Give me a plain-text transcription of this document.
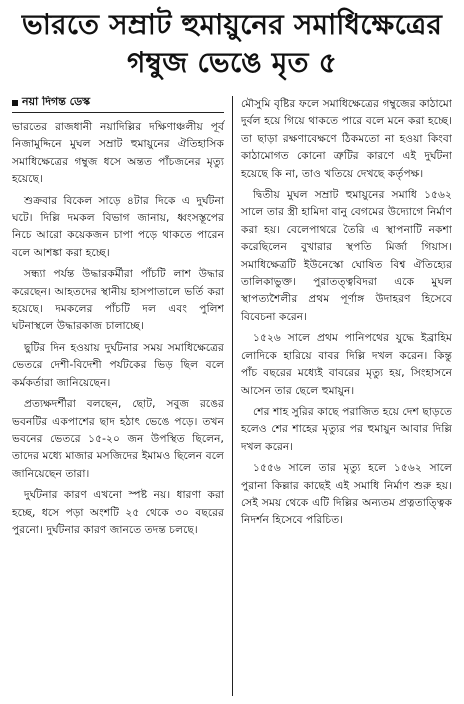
ভারতে সম্রাট হুমায়ুনের সমাধিক্ষেত্রের
গম্বুজ ভেঙে মৃত ৫
নয়া দিগন্ত ডেস্ক

ভারতের রাজধানী নয়াদিল্লির দক্ষিণাঞ্চলীয় পূর্ব নিজামুদ্দিনে মুঘল সম্রাট হুমায়ুনের ঐতিহাসিক সমাধিক্ষেত্রের গম্বুজ ধসে অন্তত পাঁচজনের মৃত্যু হয়েছে।

শুক্রবার বিকেল সাড়ে ৪টার দিকে এ দুর্ঘটনা ঘটে। দিল্লি দমকল বিভাগ জানায়, ধ্বংসস্তূপের নিচে আরো কয়েকজন চাপা পড়ে থাকতে পারেন বলে আশঙ্কা করা হচ্ছে।

সন্ধ্যা পর্যন্ত উদ্ধারকর্মীরা পাঁচটি লাশ উদ্ধার করেছেন। আহতদের স্থানীয় হাসপাতালে ভর্তি করা হয়েছে। দমকলের পাঁচটি দল এবং পুলিশ ঘটনাস্থলে উদ্ধারকাজ চালাচ্ছে।

ছুটির দিন হওয়ায় দুর্ঘটনার সময় সমাধিক্ষেত্রের ভেতরে দেশী-বিদেশী পর্যটকের ভিড় ছিল বলে কর্মকর্তারা জানিয়েছেন।

প্রত্যক্ষদর্শীরা বলছেন, ছোট, সবুজ রঙের ভবনটির একপাশের ছাদ হঠাৎ ভেঙে পড়ে। তখন ভবনের ভেতরে ১৫-২০ জন উপস্থিত ছিলেন, তাদের মধ্যে মাজার মসজিদের ইমামও ছিলেন বলে জানিয়েছেন তারা।

দুর্ঘটনার কারণ এখনো স্পষ্ট নয়। ধারণা করা হচ্ছে, ধসে পড়া অংশটি ২৫ থেকে ৩০ বছরের পুরনো। দুর্ঘটনার কারণ জানতে তদন্ত চলছে।

মৌসুমি বৃষ্টির ফলে সমাধিক্ষেত্রের গম্বুজের কাঠামো দুর্বল হয়ে গিয়ে থাকতে পারে বলে মনে করা হচ্ছে। তা ছাড়া রক্ষণাবেক্ষণে ঠিকমতো না হওয়া কিংবা কাঠামোগত কোনো ত্রুটির কারণে এই দুর্ঘটনা হয়েছে কি না, তাও খতিয়ে দেখছে কর্তৃপক্ষ।

দ্বিতীয় মুঘল সম্রাট হুমায়ুনের সমাধি ১৫৬২ সালে তার স্ত্রী হামিদা বানু বেগমের উদ্যোগে নির্মাণ করা হয়। বেলেপাথরে তৈরি এ স্থাপনাটি নকশা করেছিলেন বুখারার স্থপতি মির্জা গিয়াস। সমাধিক্ষেত্রটি ইউনেস্কো ঘোষিত বিশ্ব ঐতিহ্যের তালিকাভুক্ত। পুরাতত্ত্ববিদরা একে মুঘল স্থাপত্যশৈলীর প্রথম পূর্ণাঙ্গ উদাহরণ হিসেবে বিবেচনা করেন।

১৫২৬ সালে প্রথম পানিপথের যুদ্ধে ইব্রাহিম লোদিকে হারিয়ে বাবর দিল্লি দখল করেন। কিন্তু পাঁচ বছরের মধ্যেই বাবরের মৃত্যু হয়, সিংহাসনে আসেন তার ছেলে হুমায়ুন।

শের শাহ সুরির কাছে পরাজিত হয়ে দেশ ছাড়তে হলেও শের শাহের মৃত্যুর পর হুমায়ুন আবার দিল্লি দখল করেন।

১৫৫৬ সালে তার মৃত্যু হলে ১৫৬২ সালে পুরানা কিল্লার কাছেই এই সমাধি নির্মাণ শুরু হয়। সেই সময় থেকে এটি দিল্লির অন্যতম প্রত্নতাত্ত্বিক নিদর্শন হিসেবে পরিচিত।
